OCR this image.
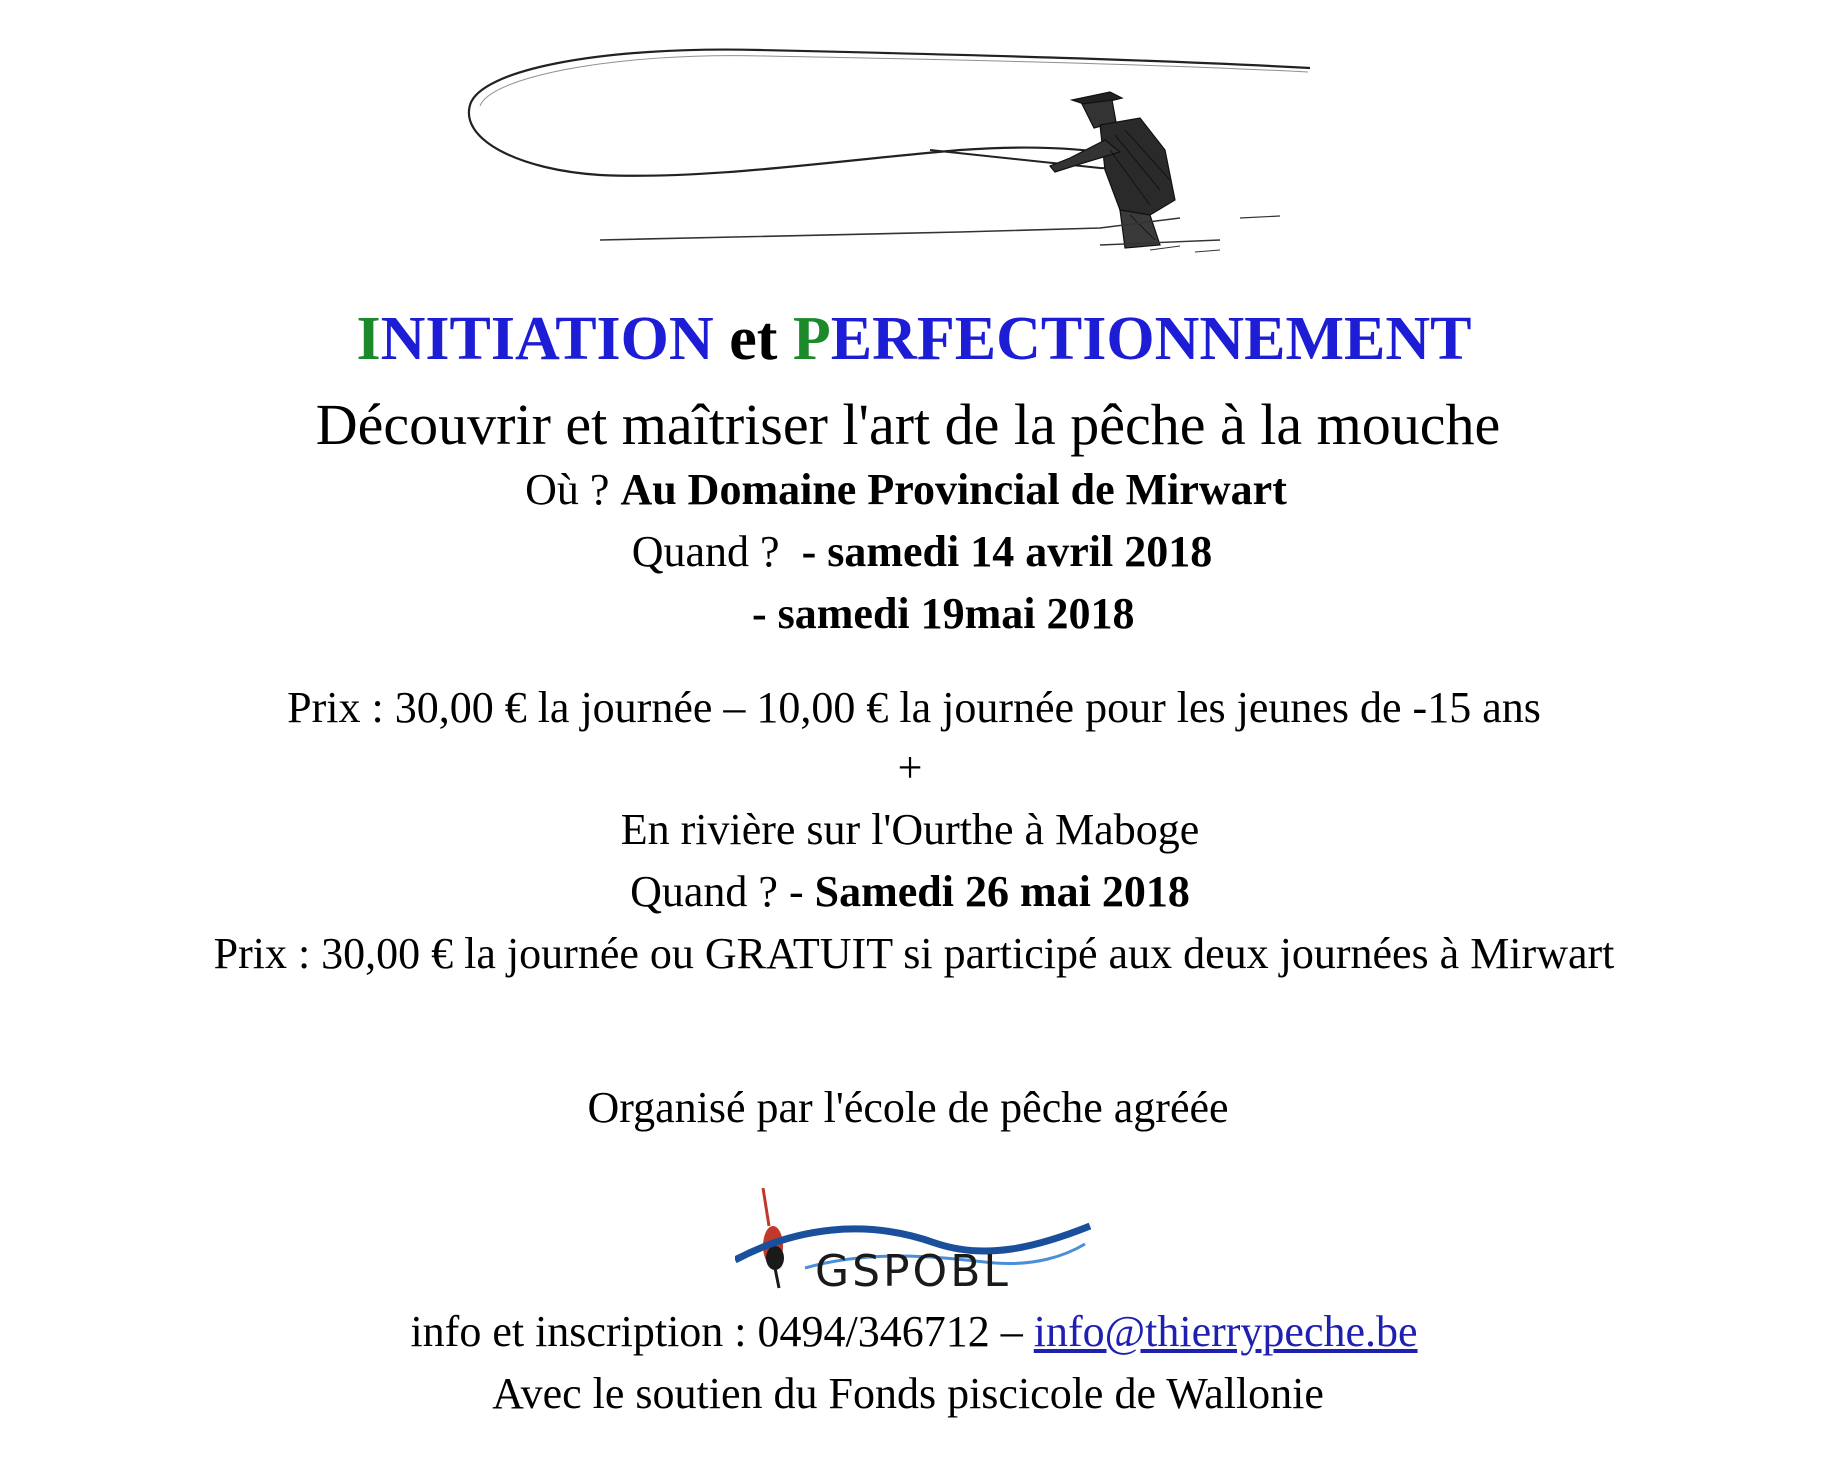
INITIATION et PERFECTIONNEMENT
Découvrir et maîtriser l'art de la pêche à la mouche
Où ? Au Domaine Provincial de Mirwart
Quand ? - samedi 14 avril 2018
- samedi 19mai 2018
Prix : 30,00 € la journée – 10,00 € la journée pour les jeunes de -15 ans
+
En rivière sur l'Ourthe à Maboge
Quand ? - Samedi 26 mai 2018
Prix : 30,00 € la journée ou GRATUIT si participé aux deux journées à Mirwart
Organisé par l'école de pêche agréée
GSPOBL
info et inscription : 0494/346712 – info@thierrypeche.be
Avec le soutien du Fonds piscicole de Wallonie
